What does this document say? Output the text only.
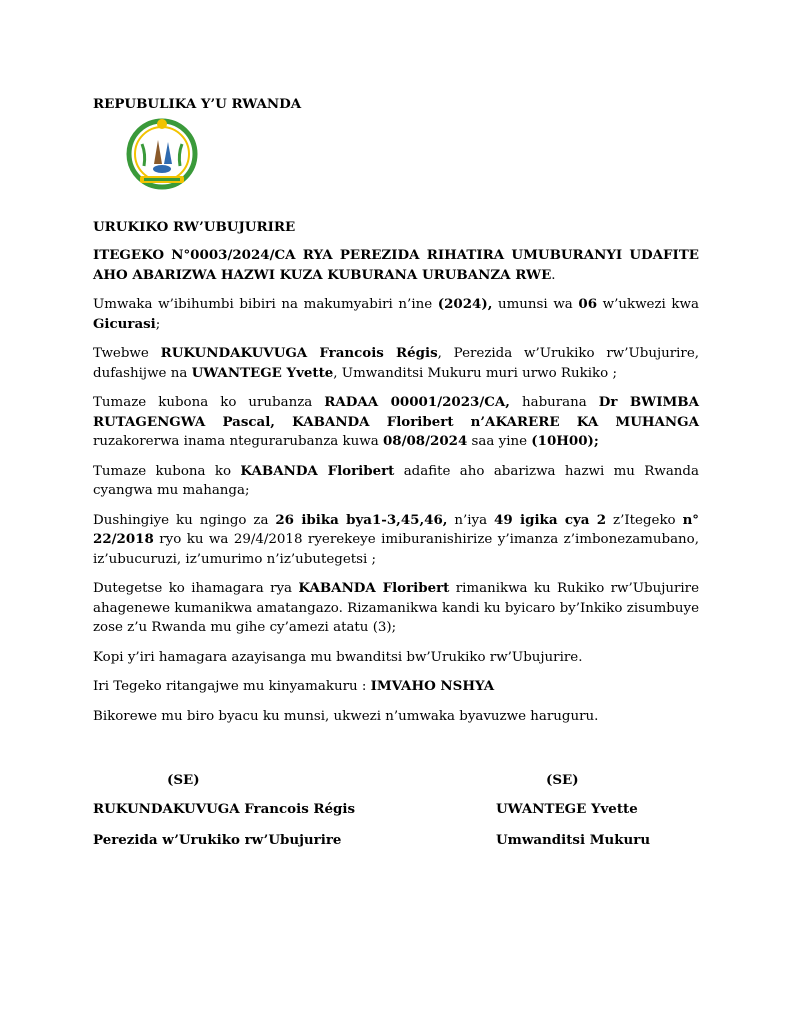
REPUBULIKA Y’U RWANDA
URUKIKO RW’UBUJURIRE

ITEGEKO N°0003/2024/CA RYA PEREZIDA RIHATIRA UMUBURANYI UDAFITE AHO ABARIZWA HAZWI KUZA KUBURANA URUBANZA RWE.

Umwaka w’ibihumbi bibiri na makumyabiri n’ine (2024), umunsi wa 06 w’ukwezi kwa Gicurasi;

Twebwe RUKUNDAKUVUGA Francois Régis, Perezida w’Urukiko rw’Ubujurire, dufashijwe na UWANTEGE Yvette, Umwanditsi Mukuru muri urwo Rukiko ;

Tumaze kubona ko urubanza RADAA 00001/2023/CA, haburana Dr BWIMBA RUTAGENGWA Pascal, KABANDA Floribert n’AKARERE KA MUHANGA ruzakorerwa inama ntegurarubanza kuwa 08/08/2024 saa yine (10H00);

Tumaze kubona ko KABANDA Floribert adafite aho abarizwa hazwi mu Rwanda cyangwa mu mahanga;

Dushingiye ku ngingo za 26 ibika bya1-3,45,46, n’iya 49 igika cya 2 z’Itegeko n° 22/2018 ryo ku wa 29/4/2018 ryerekeye imiburanishirize y’imanza z’imbonezamubano, iz’ubucuruzi, iz’umurimo n’iz’ubutegetsi ;

Dutegetse ko ihamagara rya KABANDA Floribert rimanikwa ku Rukiko rw’Ubujurire ahagenewe kumanikwa amatangazo. Rizamanikwa kandi ku byicaro by’Inkiko zisumbuye zose z’u Rwanda mu gihe cy’amezi atatu (3);

Kopi y’iri hamagara azayisanga mu bwanditsi bw’Urukiko rw’Ubujurire.

Iri Tegeko ritangajwe mu kinyamakuru : IMVAHO NSHYA

Bikorewe mu biro byacu ku munsi, ukwezi n’umwaka byavuzwe haruguru.

(SE)	(SE)
RUKUNDAKUVUGA Francois Régis	UWANTEGE Yvette
Perezida w’Urukiko rw’Ubujurire	Umwanditsi Mukuru
